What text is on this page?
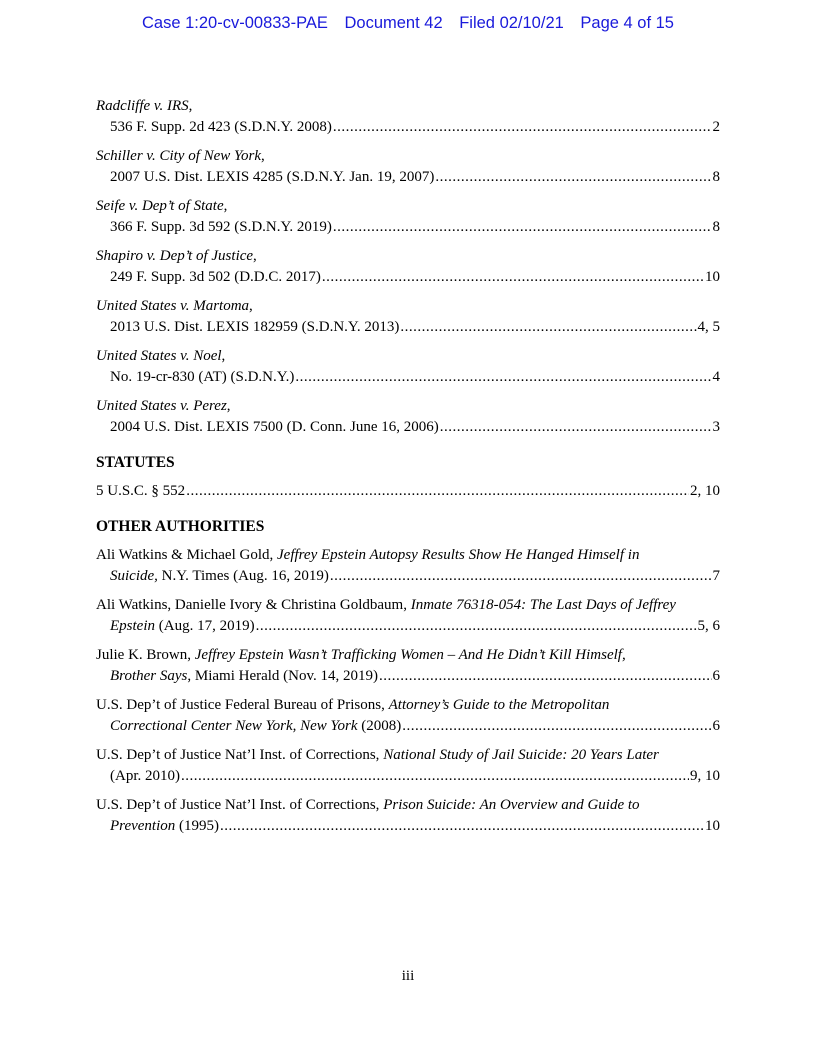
Case 1:20-cv-00833-PAE Document 42 Filed 02/10/21 Page 4 of 15
Radcliffe v. IRS,
536 F. Supp. 2d 423 (S.D.N.Y. 2008) .....	2
Schiller v. City of New York,
2007 U.S. Dist. LEXIS 4285 (S.D.N.Y. Jan. 19, 2007) .....	8
Seife v. Dep’t of State,
366 F. Supp. 3d 592 (S.D.N.Y. 2019) .....	8
Shapiro v. Dep’t of Justice,
249 F. Supp. 3d 502 (D.D.C. 2017) .....	10
United States v. Martoma,
2013 U.S. Dist. LEXIS 182959 (S.D.N.Y. 2013) .....	4, 5
United States v. Noel,
No. 19-cr-830 (AT) (S.D.N.Y.) .....	4
United States v. Perez,
2004 U.S. Dist. LEXIS 7500 (D. Conn. June 16, 2006) .....	3
STATUTES
5 U.S.C. § 552 .....	2, 10
OTHER AUTHORITIES
Ali Watkins & Michael Gold, Jeffrey Epstein Autopsy Results Show He Hanged Himself in
Suicide, N.Y. Times (Aug. 16, 2019) .....	7
Ali Watkins, Danielle Ivory & Christina Goldbaum, Inmate 76318-054: The Last Days of Jeffrey
Epstein (Aug. 17, 2019) .....	5, 6
Julie K. Brown, Jeffrey Epstein Wasn’t Trafficking Women – And He Didn’t Kill Himself,
Brother Says, Miami Herald (Nov. 14, 2019) .....	6
U.S. Dep’t of Justice Federal Bureau of Prisons, Attorney’s Guide to the Metropolitan
Correctional Center New York, New York (2008) .....	6
U.S. Dep’t of Justice Nat’l Inst. of Corrections, National Study of Jail Suicide: 20 Years Later
(Apr. 2010) .....	9, 10
U.S. Dep’t of Justice Nat’l Inst. of Corrections, Prison Suicide: An Overview and Guide to
Prevention (1995) .....	10
iii
